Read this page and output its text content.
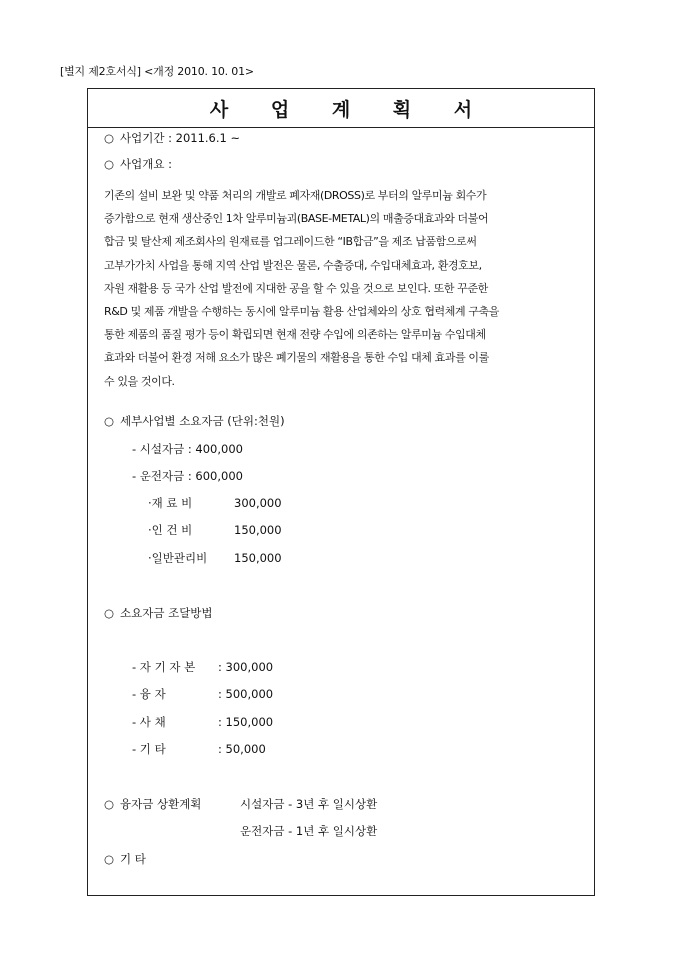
[별지 제2호서식] <개정 2010. 10. 01>
사 업 계 획 서
○ 사업기간 : 2011.6.1 ~
○ 사업개요 :
기존의 설비 보완 및 약품 처리의 개발로 폐자재(DROSS)로 부터의 알루미늄 회수가
증가함으로 현재 생산중인 1차 알루미늄괴(BASE-METAL)의 매출증대효과와 더불어
합금 및 탈산제 제조회사의 원재료를 업그레이드한 “IB합금”을 제조 납품함으로써
고부가가치 사업을 통해 지역 산업 발전은 물론, 수출증대, 수입대체효과, 환경호보,
자원 재활용 등 국가 산업 발전에 지대한 공을 할 수 있을 것으로 보인다. 또한 꾸준한
R&D 및 제품 개발을 수행하는 동시에 알루미늄 활용 산업체와의 상호 협력체계 구축을
통한 제품의 품질 평가 등이 확립되면 현재 전량 수입에 의존하는 알루미늄 수입대체
효과와 더불어 환경 저해 요소가 많은 폐기물의 재활용을 통한 수입 대체 효과를 이룰
수 있을 것이다.
○ 세부사업별 소요자금 (단위:천원)
- 시설자금 : 400,000
- 운전자금 : 600,000
·재 료 비	300,000
·인 건 비	150,000
·일반관리비 150,000
○ 소요자금 조달방법
- 자 기 자 본 : 300,000
- 융 자	: 500,000
- 사 채	: 150,000
- 기 타	: 50,000
○ 융자금 상환계획	시설자금 - 3년 후 일시상환
운전자금 - 1년 후 일시상환
○ 기 타
